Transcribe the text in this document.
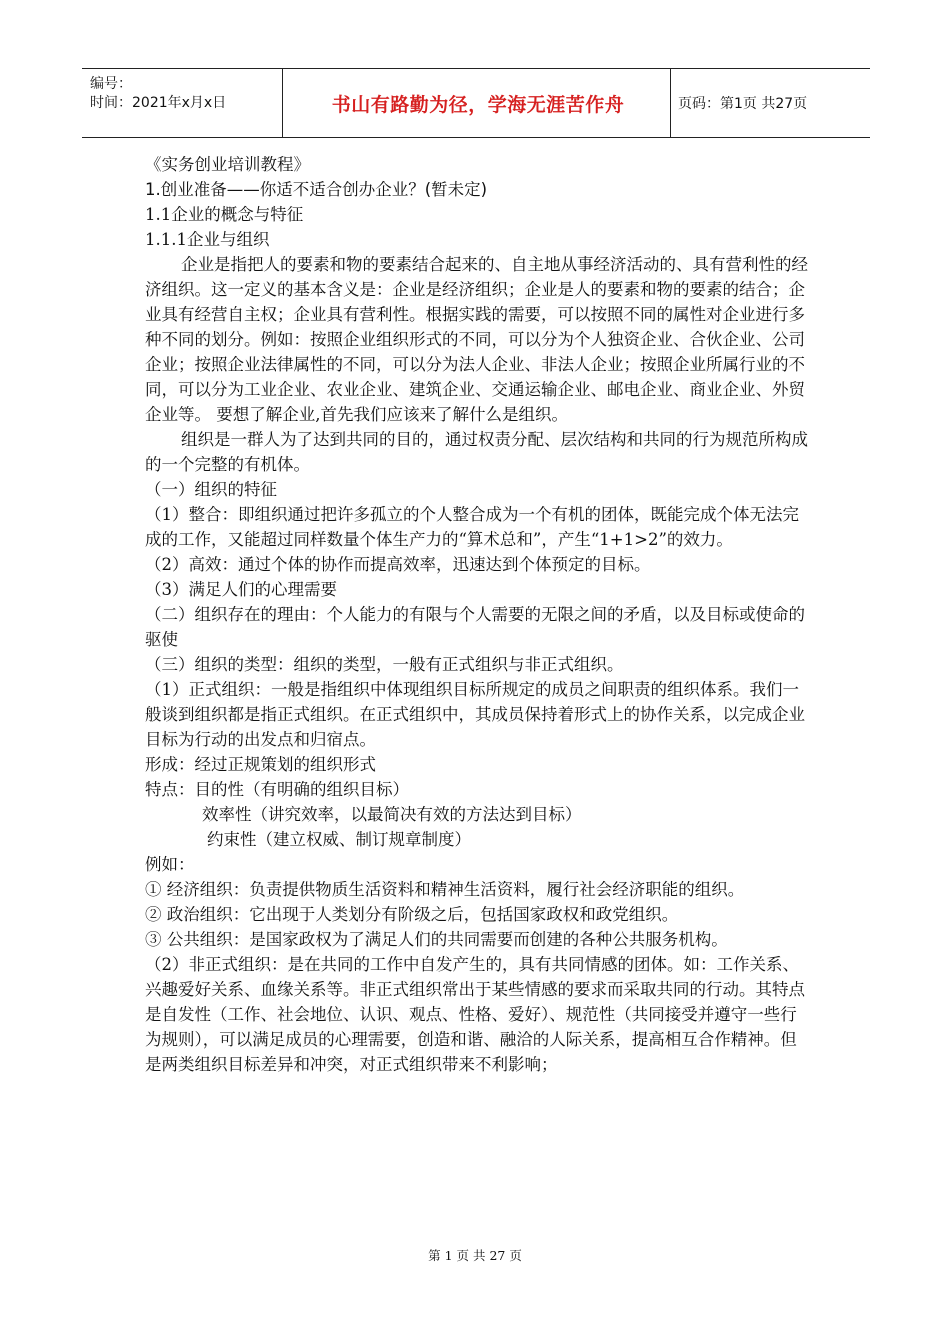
编号：
时间：2021年x月x日	书山有路勤为径，学海无涯苦作舟	页码：第1页 共27页

《实务创业培训教程》

1.创业准备——你适不适合创办企业？(暂未定)

1.1企业的概念与特征

1.1.1企业与组织

企业是指把人的要素和物的要素结合起来的、自主地从事经济活动的、具有营利性的经济组织。这一定义的基本含义是：企业是经济组织；企业是人的要素和物的要素的结合；企业具有经营自主权；企业具有营利性。根据实践的需要，可以按照不同的属性对企业进行多种不同的划分。例如：按照企业组织形式的不同，可以分为个人独资企业、合伙企业、公司企业；按照企业法律属性的不同，可以分为法人企业、非法人企业；按照企业所属行业的不同，可以分为工业企业、农业企业、建筑企业、交通运输企业、邮电企业、商业企业、外贸企业等。 要想了解企业,首先我们应该来了解什么是组织。

组织是一群人为了达到共同的目的，通过权责分配、层次结构和共同的行为规范所构成的一个完整的有机体。

（一）组织的特征

（1）整合：即组织通过把许多孤立的个人整合成为一个有机的团体，既能完成个体无法完成的工作，又能超过同样数量个体生产力的“算术总和”，产生“1+1>2”的效力。

（2）高效：通过个体的协作而提高效率，迅速达到个体预定的目标。

（3）满足人们的心理需要

（二）组织存在的理由：个人能力的有限与个人需要的无限之间的矛盾，以及目标或使命的驱使

（三）组织的类型：组织的类型，一般有正式组织与非正式组织。

（1）正式组织：一般是指组织中体现组织目标所规定的成员之间职责的组织体系。我们一般谈到组织都是指正式组织。在正式组织中，其成员保持着形式上的协作关系，以完成企业目标为行动的出发点和归宿点。

形成：经过正规策划的组织形式

特点：目的性（有明确的组织目标）

效率性（讲究效率，以最简决有效的方法达到目标）

约束性（建立权威、制订规章制度）

例如：

① 经济组织：负责提供物质生活资料和精神生活资料，履行社会经济职能的组织。

② 政治组织：它出现于人类划分有阶级之后，包括国家政权和政党组织。

③ 公共组织：是国家政权为了满足人们的共同需要而创建的各种公共服务机构。

（2）非正式组织：是在共同的工作中自发产生的，具有共同情感的团体。如：工作关系、兴趣爱好关系、血缘关系等。非正式组织常出于某些情感的要求而采取共同的行动。其特点是自发性（工作、社会地位、认识、观点、性格、爱好）、规范性（共同接受并遵守一些行为规则），可以满足成员的心理需要，创造和谐、融洽的人际关系，提高相互合作精神。但是两类组织目标差异和冲突，对正式组织带来不利影响；

第 1 页 共 27 页
